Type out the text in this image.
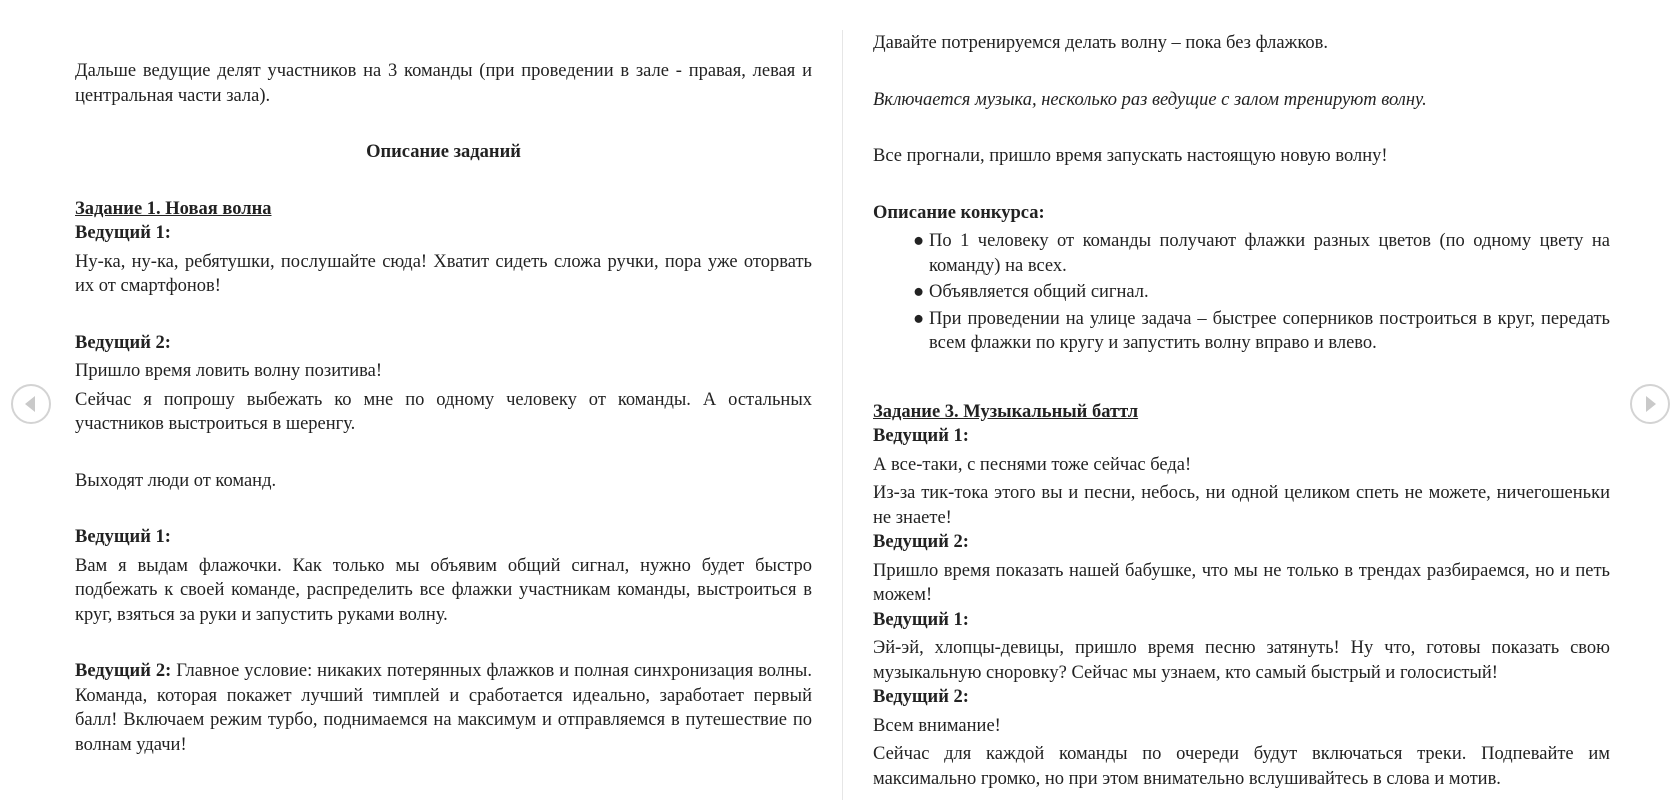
Дальше ведущие делят участников на 3 команды (при проведении в зале - правая, левая и центральная части зала).

Описание заданий

Задание 1. Новая волна

Ведущий 1:

Ну-ка, ну-ка, ребятушки, послушайте сюда! Хватит сидеть сложа ручки, пора уже оторвать их от смартфонов!

Ведущий 2:

Пришло время ловить волну позитива!

Сейчас я попрошу выбежать ко мне по одному человеку от команды. А остальных участников выстроиться в шеренгу.

Выходят люди от команд.

Ведущий 1:

Вам я выдам флажочки. Как только мы объявим общий сигнал, нужно будет быстро подбежать к своей команде, распределить все флажки участникам команды, выстроиться в круг, взяться за руки и запустить руками волну.

Ведущий 2: Главное условие: никаких потерянных флажков и полная синхронизация волны. Команда, которая покажет лучший тимплей и сработается идеально, заработает первый балл! Включаем режим турбо, поднимаемся на максимум и отправляемся в путешествие по волнам удачи!

Давайте потренируемся делать волну – пока без флажков.

Включается музыка, несколько раз ведущие с залом тренируют волну.

Все прогнали, пришло время запускать настоящую новую волну!

Описание конкурса:

● По 1 человеку от команды получают флажки разных цветов (по одному цвету на команду) на всех.
● Объявляется общий сигнал.
● При проведении на улице задача – быстрее соперников построиться в круг, передать всем флажки по кругу и запустить волну вправо и влево.

Задание 3. Музыкальный баттл

Ведущий 1:

А все-таки, с песнями тоже сейчас беда!

Из-за тик-тока этого вы и песни, небось, ни одной целиком спеть не можете, ничегошеньки не знаете!

Ведущий 2:

Пришло время показать нашей бабушке, что мы не только в трендах разбираемся, но и петь можем!

Ведущий 1:

Эй-эй, хлопцы-девицы, пришло время песню затянуть! Ну что, готовы показать свою музыкальную сноровку? Сейчас мы узнаем, кто самый быстрый и голосистый!

Ведущий 2:

Всем внимание!

Сейчас для каждой команды по очереди будут включаться треки. Подпевайте им максимально громко, но при этом внимательно вслушивайтесь в слова и мотив.
